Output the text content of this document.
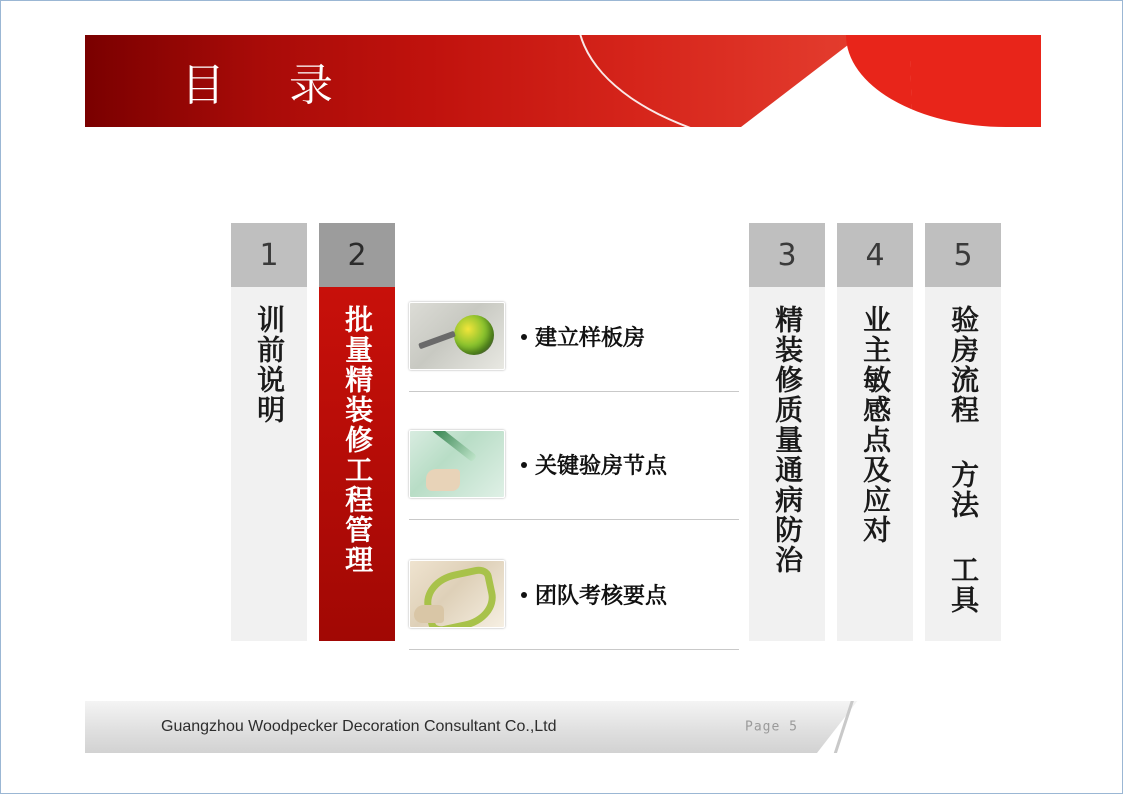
目　录
1
训前说明
2
批量精装修工程管理
3
精装修质量通病防治
4
业主敏感点及应对
5
验房流程 方法 工具
建立样板房
关键验房节点
团队考核要点
Guangzhou Woodpecker Decoration Consultant Co.,Ltd	Page 5
